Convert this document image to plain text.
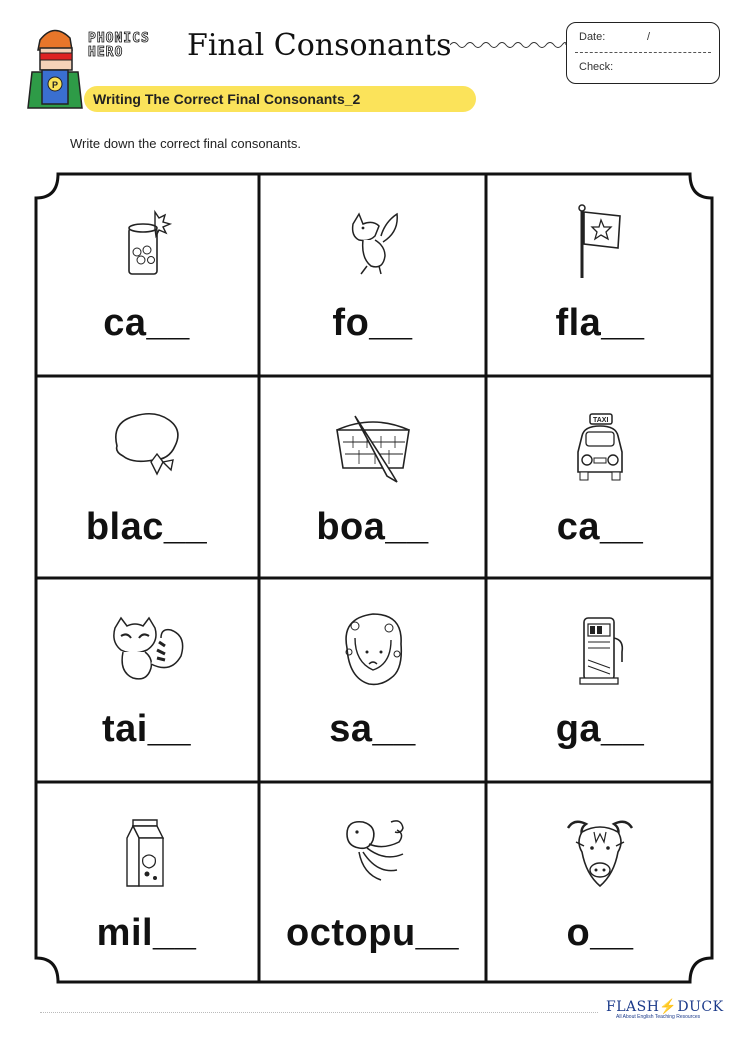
P
PHONICS
HERO	Final Consonants	Date:	/
Check:
Writing The Correct Final Consonants_2
Write down the correct final consonants.
ca__	fo__	fla__
blac__	boa__
TAXI
ca__
tai__	sa__	ga__
mil__	octopu__	o__
FLASH⚡DUCK
All About English Teaching Resources
